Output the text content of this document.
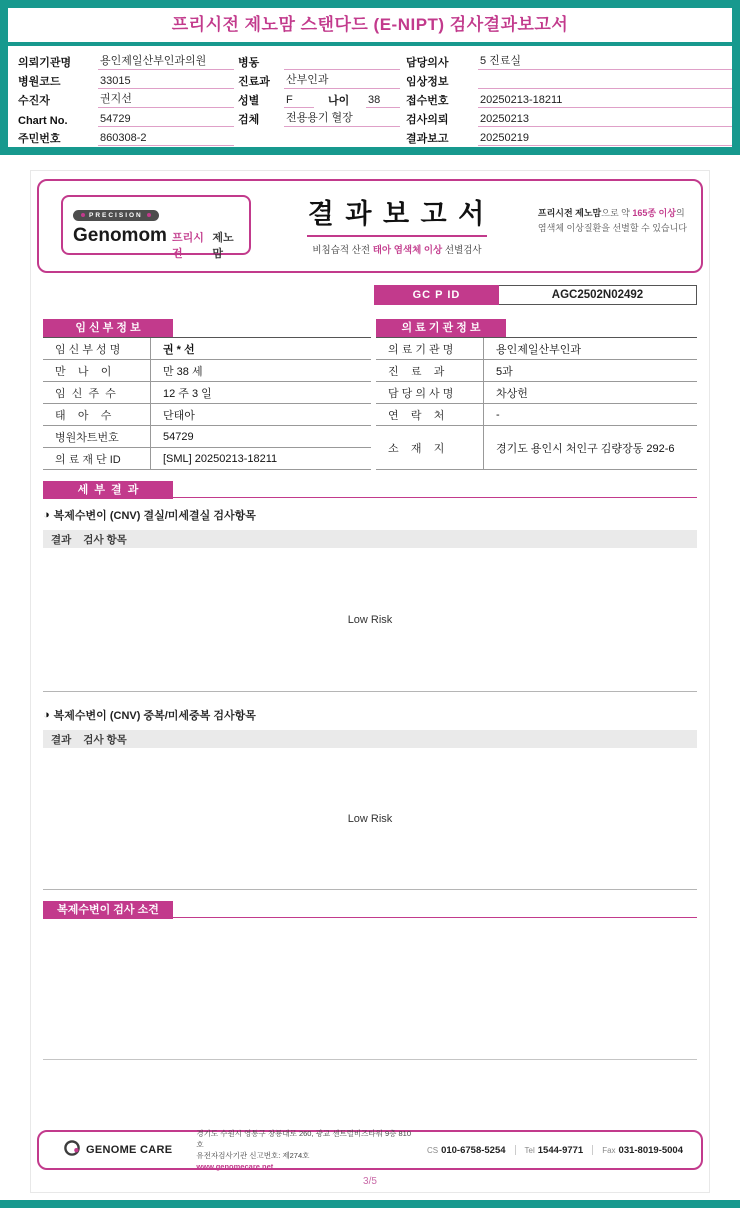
프리시전 제노맘 스탠다드 (E-NIPT) 검사결과보고서
의뢰기관명	용인제일산부인과의원
병원코드	33015
수진자	권지선
Chart No.	54729
주민번호	860308-2
병동
진료과	산부인과
성별	F	나이	38
검체	전용용기 혈장
담당의사	5 진료실
임상정보
접수번호	20250213-18211
검사의뢰	20250213
결과보고	20250219
PRECISION
Genomom 프리시전
제노맘
결 과 보 고 서
비침습적 산전 태아 염색체 이상 선별검사
프리시전 제노맘으로 약 165종 이상의
염색체 이상질환을 선별할 수 있습니다
GC P ID	AGC2502N02492
임 신 부 정 보
임 신 부 성 명	권 * 선
만    나    이	만 38 세
임  신  주  수	12 주 3 일
태    아    수	단태아
병원차트번호	54729
의 료 재 단 ID	[SML] 20250213-18211
의 료 기 관 정 보
의 료 기 관 명	용인제일산부인과
진    료    과	5과
담 당 의 사 명	차상헌
연    락    처	-
소    재    지	경기도 용인시 처인구 김량장동 292-6
세  부  결  과
◑ 복제수변이 (CNV) 결실/미세결실 검사항목
결과 검사 항목
Low Risk
◑ 복제수변이 (CNV) 중복/미세중복 검사항목
결과 검사 항목
Low Risk
복제수변이 검사 소견
GENOME CARE
경기도 수원시 영통구 창룡대로 260, 광교 센트럴비즈타워 9층 810호
유전자검사기관 신고번호: 제274호
www.genomecare.net
CS 010-6758-5254 Tel 1544-9771 Fax 031-8019-5004
3/5
